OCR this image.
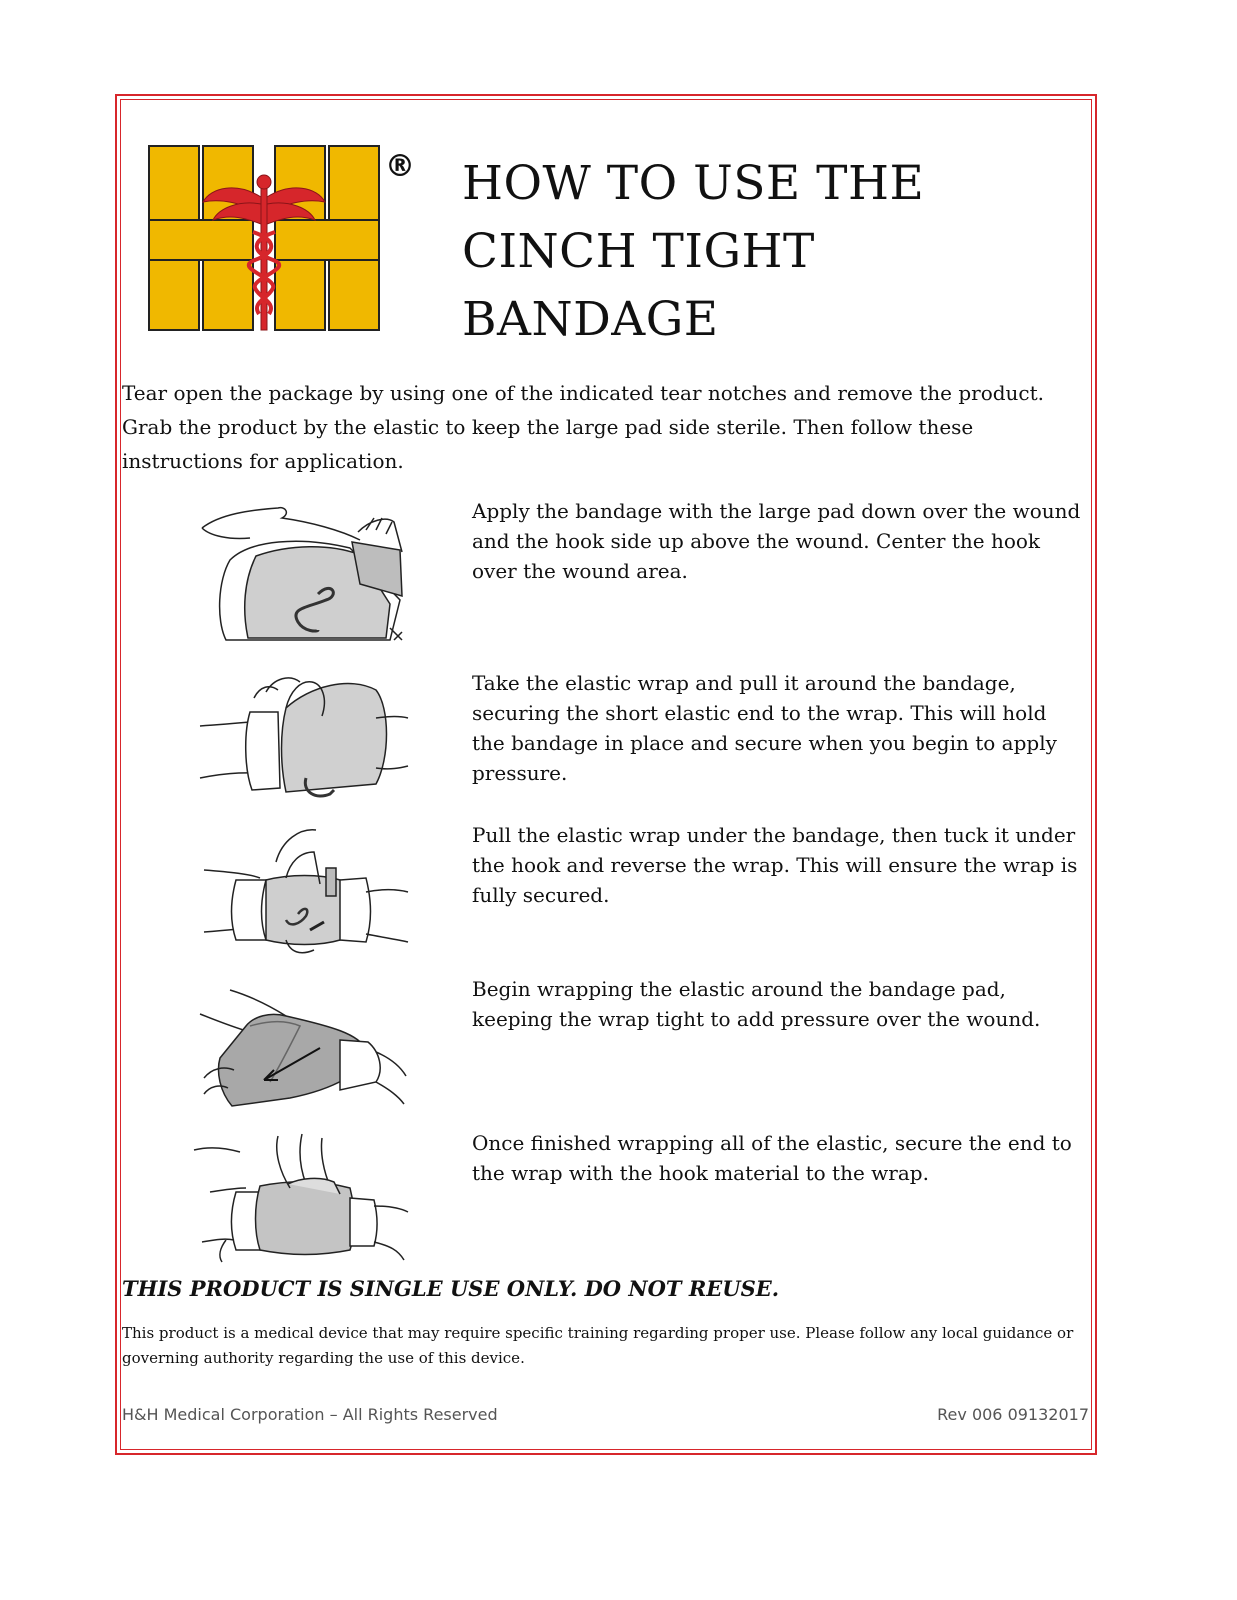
® HOW TO USE THE CINCH TIGHT BANDAGE

Tear open the package by using one of the indicated tear notches and remove the product. Grab the product by the elastic to keep the large pad side sterile. Then follow these instructions for application.

Apply the bandage with the large pad down over the wound and the hook side up above the wound. Center the hook over the wound area.

Take the elastic wrap and pull it around the bandage, securing the short elastic end to the wrap. This will hold the bandage in place and secure when you begin to apply pressure.

Pull the elastic wrap under the bandage, then tuck it under the hook and reverse the wrap. This will ensure the wrap is fully secured.

Begin wrapping the elastic around the bandage pad, keeping the wrap tight to add pressure over the wound.

Once finished wrapping all of the elastic, secure the end to the wrap with the hook material to the wrap.

THIS PRODUCT IS SINGLE USE ONLY. DO NOT REUSE.

This product is a medical device that may require specific training regarding proper use. Please follow any local guidance or governing authority regarding the use of this device.

H&H Medical Corporation – All Rights Reserved	Rev 006 09132017
